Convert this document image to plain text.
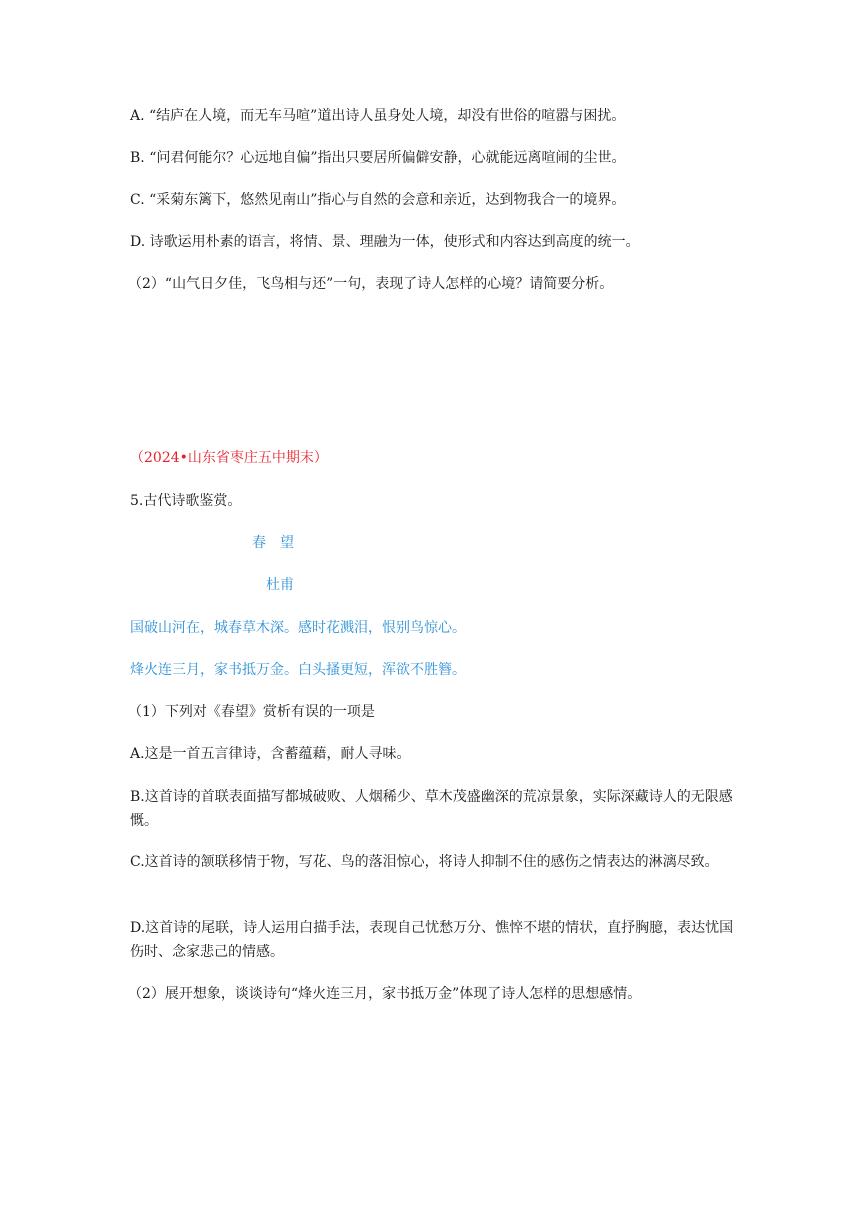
A. “结庐在人境，而无车马喧”道出诗人虽身处人境，却没有世俗的喧嚣与困扰。
B. “问君何能尔？心远地自偏”指出只要居所偏僻安静，心就能远离喧闹的尘世。
C. “采菊东篱下，悠然见南山”指心与自然的会意和亲近，达到物我合一的境界。
D. 诗歌运用朴素的语言，将情、景、理融为一体，使形式和内容达到高度的统一。
（2）“山气日夕佳，飞鸟相与还”一句，表现了诗人怎样的心境？请简要分析。
（2024•山东省枣庄五中期末）
5.古代诗歌鉴赏。
春　望
杜甫
国破山河在，城春草木深。感时花溅泪，恨别鸟惊心。
烽火连三月，家书抵万金。白头搔更短，浑欲不胜簪。
（1）下列对《春望》赏析有误的一项是
A.这是一首五言律诗，含蓄蕴藉，耐人寻味。
B.这首诗的首联表面描写都城破败、人烟稀少、草木茂盛幽深的荒凉景象，实际深藏诗人的无限感慨。
C.这首诗的颔联移情于物，写花、鸟的落泪惊心，将诗人抑制不住的感伤之情表达的淋漓尽致。
D.这首诗的尾联，诗人运用白描手法，表现自己忧愁万分、憔悴不堪的情状，直抒胸臆，表达忧国伤时、念家悲己的情感。
（2）展开想象，谈谈诗句“烽火连三月，家书抵万金”体现了诗人怎样的思想感情。
